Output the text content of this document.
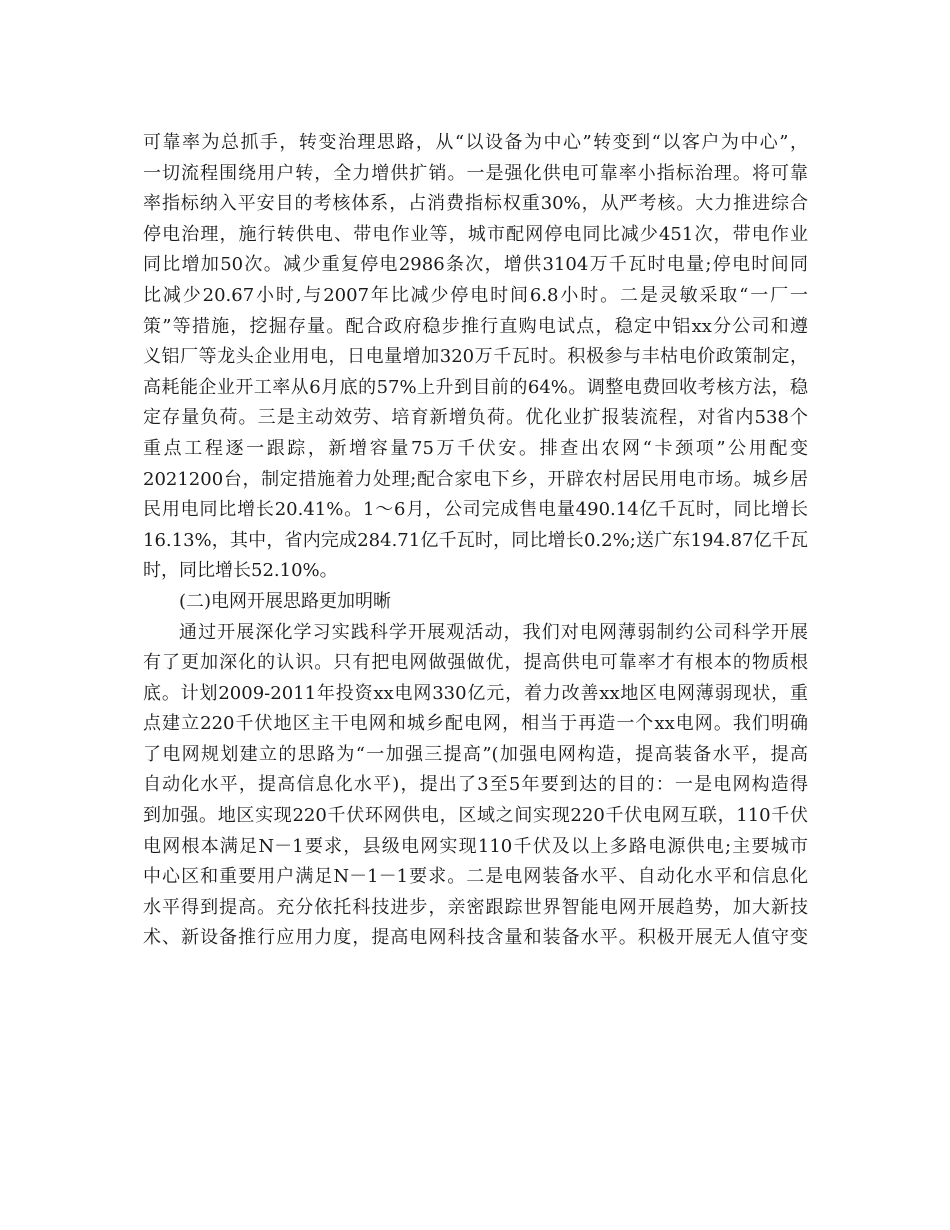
可靠率为总抓手，转变治理思路，从“以设备为中心”转变到“以客户为中心”，
一切流程围绕用户转，全力增供扩销。一是强化供电可靠率小指标治理。将可靠
率指标纳入平安目的考核体系，占消费指标权重30%，从严考核。大力推进综合
停电治理，施行转供电、带电作业等，城市配网停电同比减少451次，带电作业
同比增加50次。减少重复停电2986条次，增供3104万千瓦时电量;停电时间同
比减少20.67小时,与2007年比减少停电时间6.8小时。二是灵敏采取“一厂一
策”等措施，挖掘存量。配合政府稳步推行直购电试点，稳定中铝xx分公司和遵
义铝厂等龙头企业用电，日电量增加320万千瓦时。积极参与丰枯电价政策制定，
高耗能企业开工率从6月底的57%上升到目前的64%。调整电费回收考核方法，稳
定存量负荷。三是主动效劳、培育新增负荷。优化业扩报装流程，对省内538个
重点工程逐一跟踪，新增容量75万千伏安。排查出农网“卡颈项”公用配变
2021200台，制定措施着力处理;配合家电下乡，开辟农村居民用电市场。城乡居
民用电同比增长20.41%。1～6月，公司完成售电量490.14亿千瓦时，同比增长
16.13%，其中，省内完成284.71亿千瓦时，同比增长0.2%;送广东194.87亿千瓦
时，同比增长52.10%。
(二)电网开展思路更加明晰
通过开展深化学习实践科学开展观活动，我们对电网薄弱制约公司科学开展
有了更加深化的认识。只有把电网做强做优，提高供电可靠率才有根本的物质根
底。计划2009-2011年投资xx电网330亿元，着力改善xx地区电网薄弱现状，重
点建立220千伏地区主干电网和城乡配电网，相当于再造一个xx电网。我们明确
了电网规划建立的思路为“一加强三提高”(加强电网构造，提高装备水平，提高
自动化水平，提高信息化水平)，提出了3至5年要到达的目的：一是电网构造得
到加强。地区实现220千伏环网供电，区域之间实现220千伏电网互联，110千伏
电网根本满足N－1要求，县级电网实现110千伏及以上多路电源供电;主要城市
中心区和重要用户满足N－1－1要求。二是电网装备水平、自动化水平和信息化
水平得到提高。充分依托科技进步，亲密跟踪世界智能电网开展趋势，加大新技
术、新设备推行应用力度，提高电网科技含量和装备水平。积极开展无人值守变
